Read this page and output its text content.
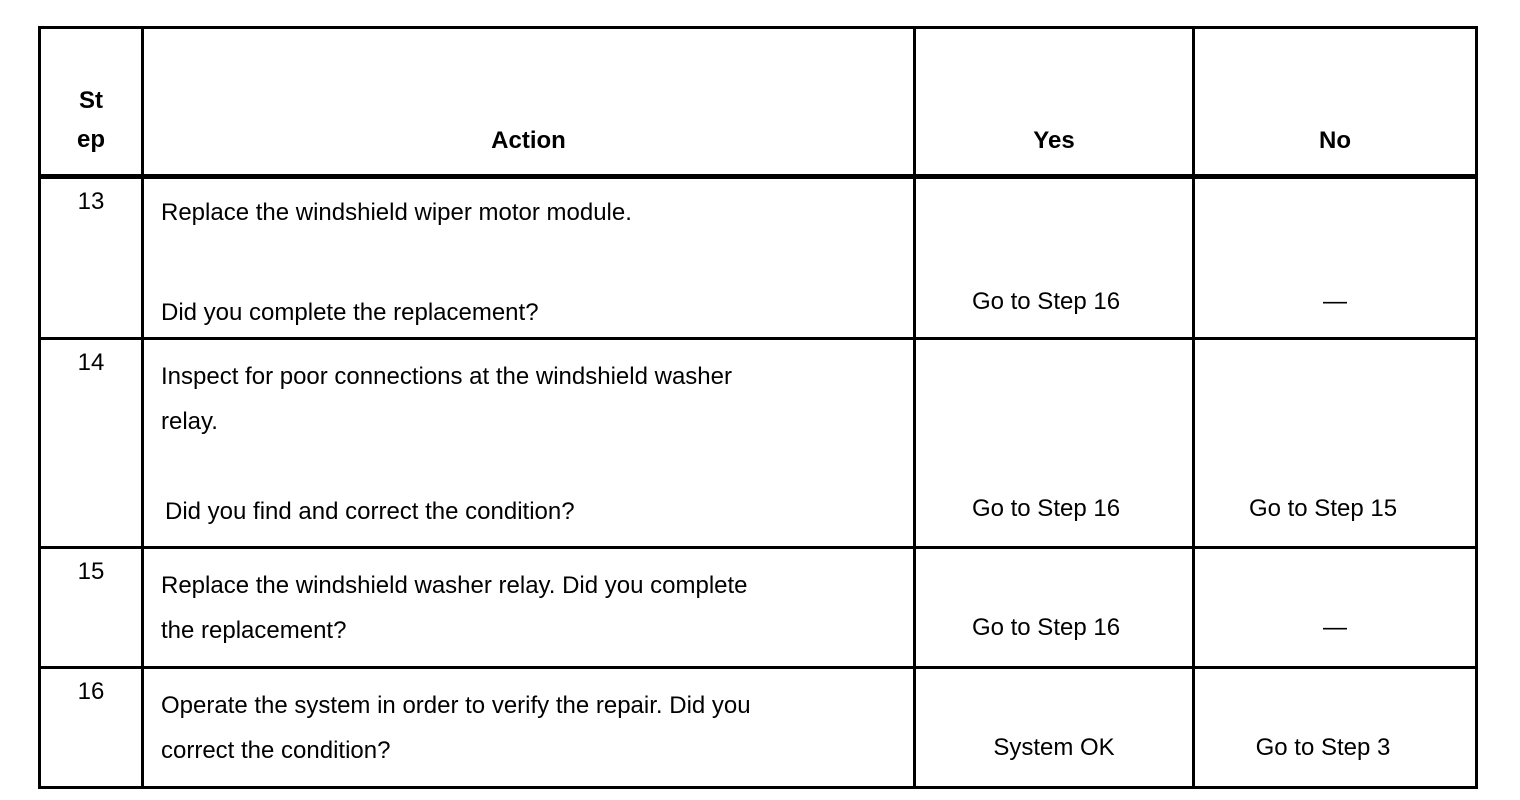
St
ep	Action	Yes	No

13	Replace the windshield wiper motor module.
Did you complete the replacement?	Go to Step 16	—

14	Inspect for poor connections at the windshield washer
relay.
Did you find and correct the condition?	Go to Step 16	Go to Step 15

15	Replace the windshield washer relay. Did you complete
the replacement?	Go to Step 16	—

16	Operate the system in order to verify the repair. Did you
correct the condition?	System OK	Go to Step 3
